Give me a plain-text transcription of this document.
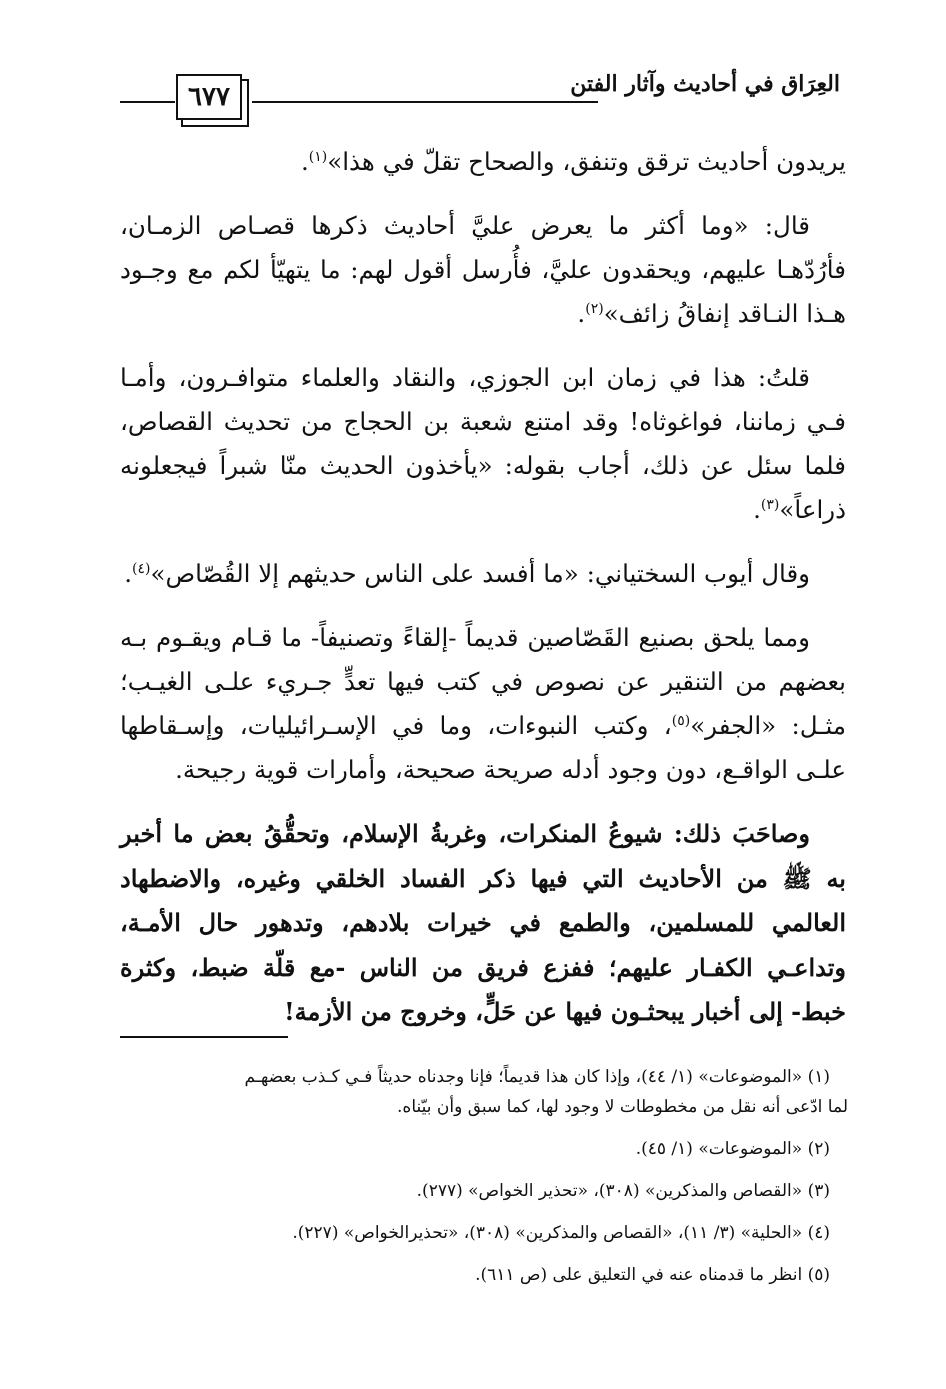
٦٧٧	العِرَاق في أحاديث وآثار الفتن

يريدون أحاديث ترقق وتنفق، والصحاح تقلّ في هذا»$^{(١)}$.

قال: «وما أكثر ما يعرض عليَّ أحاديث ذكرها قصـاص الزمـان، فأرُدّهـا عليهم، ويحقدون عليَّ، فأُرسل أقول لهم: ما يتهيّأ لكم مع وجـود هـذا النـاقد إنفاقُ زائف»$^{(٢)}$.

قلتُ: هذا في زمان ابن الجوزي، والنقاد والعلماء متوافـرون، وأمـا فـي زماننا، فواغوثاه! وقد امتنع شعبة بن الحجاج من تحديث القصاص، فلما سئل عن ذلك، أجاب بقوله: «يأخذون الحديث منّا شبراً فيجعلونه ذراعاً»$^{(٣)}$.

وقال أيوب السختياني: «ما أفسد على الناس حديثهم إلا القُصّاص»$^{(٤)}$.

ومما يلحق بصنيع القَصّاصين قديماً -إلقاءً وتصنيفاً- ما قـام ويقـوم بـه بعضهم من التنقير عن نصوص في كتب فيها تعدٍّ جـريء علـى الغيـب؛ مثـل: «الجفر»$^{(٥)}$، وكتب النبوءات، وما في الإسـرائيليات، وإسـقاطها علـى الواقـع، دون وجود أدله صريحة صحيحة، وأمارات قوية رجيحة.

وصاحَبَ ذلك: شيوعُ المنكرات، وغربةُ الإسلام، وتحقُّقُ بعض ما أخبر به ﷺ من الأحاديث التي فيها ذكر الفساد الخلقي وغيره، والاضطهاد العالمي للمسلمين، والطمع في خيرات بلادهم، وتدهور حال الأمـة، وتداعـي الكفـار عليهم؛ ففزع فريق من الناس -مع قلّة ضبط، وكثرة خبط- إلى أخبار يبحثـون فيها عن حَلٍّ، وخروج من الأزمة!

(١) «الموضوعات» (١/ ٤٤)، وإذا كان هذا قديماً؛ فإنا وجدناه حديثاً فـي كـذب بعضهـم

لما ادّعى أنه نقل من مخطوطات لا وجود لها، كما سبق وأن بيّناه.

(٢) «الموضوعات» (١/ ٤٥).

(٣) «القصاص والمذكرين» (٣٠٨)، «تحذير الخواص» (٢٧٧).

(٤) «الحلية» (٣/ ١١)، «القصاص والمذكرين» (٣٠٨)، «تحذيرالخواص» (٢٢٧).

(٥) انظر ما قدمناه عنه في التعليق على (ص ٦١١).
